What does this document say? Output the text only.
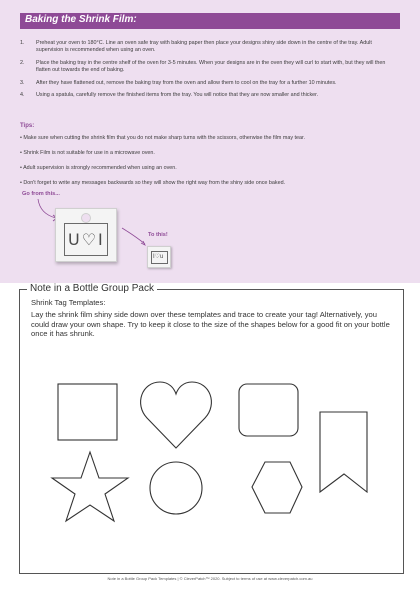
Baking the Shrink Film:
1. Preheat your oven to 180°C. Line an oven safe tray with baking paper then place your designs shiny side down in the centre of the tray. Adult supervision is recommended when using an oven.
2. Place the baking tray in the centre shelf of the oven for 3-5 minutes. When your designs are in the oven they will curl to start with, but they will then flatten out towards the end of baking.
3. After they have flattened out, remove the baking tray from the oven and allow them to cool on the tray for a further 10 minutes.
4. Using a spatula, carefully remove the finished items from the tray. You will notice that they are now smaller and thicker.
Tips:
• Make sure when cutting the shrink film that you do not make sharp turns with the scissors, otherwise the film may tear.
• Shrink Film is not suitable for use in a microwave oven.
• Adult supervision is strongly recommended when using an oven.
• Don't forget to write any messages backwards so they will show the right way from the shiny side once baked.
Go from this...
U♡I	To this!
I♡u
Note in a Bottle Group Pack
Shrink Tag Templates:
Lay the shrink film shiny side down over these templates and trace to create your tag! Alternatively, you could draw your own shape. Try to keep it close to the size of the shapes below for a good fit on your bottle once it has shrunk.
Note in a Bottle Group Pack Templates | © CleverPatch™ 2020. Subject to terms of use at www.cleverpatch.com.au
